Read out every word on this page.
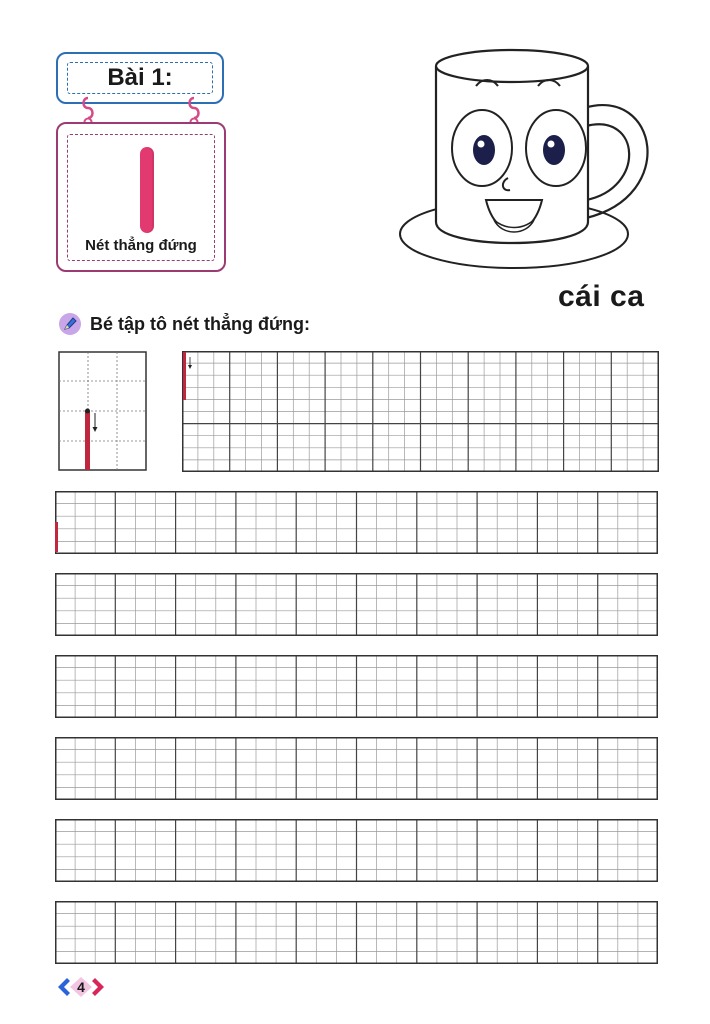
Bài 1:
Nét thẳng đứng
cái ca
Bé tập tô nét thẳng đứng:
4
